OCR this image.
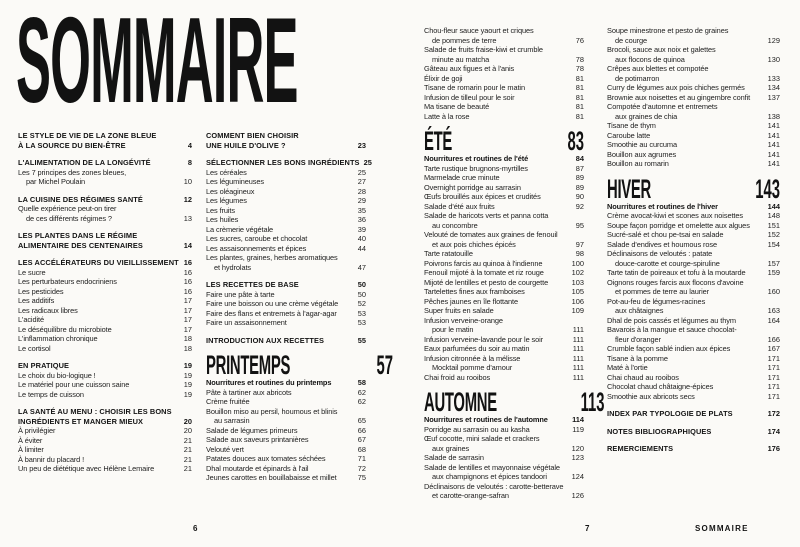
SOMMAIRE
LE STYLE DE VIE DE LA ZONE BLEUE
À LA SOURCE DU BIEN-ÊTRE	4
L'ALIMENTATION DE LA LONGÉVITÉ	8
Les 7 principes des zones bleues,
par Michel Poulain	10
LA CUISINE DES RÉGIMES SANTÉ	12
Quelle expérience peut-on tirer
de ces différents régimes ?	13
LES PLANTES DANS LE RÉGIME
ALIMENTAIRE DES CENTENAIRES	14
LES ACCÉLÉRATEURS DU VIEILLISSEMENT 16
Le sucre	16
Les perturbateurs endocriniens	16
Les pesticides	16
Les additifs	17
Les radicaux libres	17
L'acidité	17
Le déséquilibre du microbiote	17
L'inflammation chronique	18
Le cortisol	18
EN PRATIQUE	19
Le choix du bio-logique !	19
Le matériel pour une cuisson saine	19
Le temps de cuisson	19
LA SANTÉ AU MENU : CHOISIR LES BONS
INGRÉDIENTS ET MANGER MIEUX	20
À privilégier	20
À éviter	21
À limiter	21
À bannir du placard !	21
Un peu de diététique avec Hélène Lemaire	21
COMMENT BIEN CHOISIR
UNE HUILE D'OLIVE ?	23
SÉLECTIONNER LES BONS INGRÉDIENTS 25
Les céréales	25
Les légumineuses	27
Les oléagineux	28
Les légumes	29
Les fruits	35
Les huiles	36
La crèmerie végétale	39
Les sucres, caroube et chocolat	40
Les assaisonnements et épices	44
Les plantes, graines, herbes aromatiques
et hydrolats	47
LES RECETTES DE BASE	50
Faire une pâte à tarte	50
Faire une boisson ou une crème végétale	52
Faire des flans et entremets à l'agar-agar	53
Faire un assaisonnement	53
INTRODUCTION AUX RECETTES	55
PRINTEMPS	57
Nourritures et routines du printemps	58
Pâte à tartiner aux abricots	62
Crème fruitée	62
Bouillon miso au persil, houmous et blinis
au sarrasin	65
Salade de légumes primeurs	66
Salade aux saveurs printanières	67
Velouté vert	68
Patates douces aux tomates séchées	71
Dhal moutarde et épinards à l'ail	72
Jeunes carottes en bouillabaisse et millet	75
Chou-fleur sauce yaourt et criques
de pommes de terre	76
Salade de fruits fraise-kiwi et crumble
minute au matcha	78
Gâteau aux figues et à l'anis	78
Élixir de goji	81
Tisane de romarin pour le matin	81
Infusion de tilleul pour le soir	81
Ma tisane de beauté	81
Latte à la rose	81
ÉTÉ	83
Nourritures et routines de l'été	84
Tarte rustique brugnons-myrtilles	87
Marmelade crue minute	89
Overnight porridge au sarrasin	89
Œufs brouillés aux épices et crudités	90
Salade d'été aux fruits	92
Salade de haricots verts et panna cotta
au concombre	95
Velouté de tomates aux graines de fenouil
et aux pois chiches épicés	97
Tarte ratatouille	98
Poivrons farcis au quinoa à l'indienne	100
Fenouil mijoté à la tomate et riz rouge	102
Mijoté de lentilles et pesto de courgette	103
Tartelettes fines aux framboises	105
Pêches jaunes en île flottante	106
Super fruits en salade	109
Infusion verveine-orange
pour le matin	111
Infusion verveine-lavande pour le soir	111
Eaux parfumées du soir au matin	111
Infusion citronnée à la mélisse	111
Mocktail pomme d'amour	111
Chai froid au rooibos	111
AUTOMNE	113
Nourritures et routines de l'automne	114
Porridge au sarrasin ou au kasha	119
Œuf cocotte, mini salade et crackers
aux graines	120
Salade de sarrasin	123
Salade de lentilles et mayonnaise végétale
aux champignons et épices tandoori	124
Déclinaisons de veloutés : carotte-betterave
et carotte-orange-safran	126
Soupe minestrone et pesto de graines
de courge	129
Brocoli, sauce aux noix et galettes
aux flocons de quinoa	130
Crêpes aux blettes et compotée
de potimarron	133
Curry de légumes aux pois chiches germés	134
Brownie aux noisettes et au gingembre confit	137
Compotée d'automne et entremets
aux graines de chia	138
Tisane de thym	141
Caroube latte	141
Smoothie au curcuma	141
Bouillon aux agrumes	141
Bouillon au romarin	141
HIVER	143
Nourritures et routines de l'hiver	144
Crème avocat-kiwi et scones aux noisettes	148
Soupe façon porridge et omelette aux algues	151
Sucré-salé et chou pe-tsai en salade	152
Salade d'endives et houmous rose	154
Déclinaisons de veloutés : patate
douce-carotte et courge-spiruline	157
Tarte tatin de poireaux et tofu à la moutarde	159
Oignons rouges farcis aux flocons d'avoine
et pommes de terre au laurier	160
Pot-au-feu de légumes-racines
aux châtaignes	163
Dhal de pois cassés et légumes au thym	164
Bavarois à la mangue et sauce chocolat-
fleur d'oranger	166
Crumble façon sablé indien aux épices	167
Tisane à la pomme	171
Maté à l'ortie	171
Chai chaud au rooibos	171
Chocolat chaud châtaigne-épices	171
Smoothie aux abricots secs	171
INDEX PAR TYPOLOGIE DE PLATS	172
NOTES BIBLIOGRAPHIQUES	174
REMERCIEMENTS	176
6	7	SOMMAIRE
